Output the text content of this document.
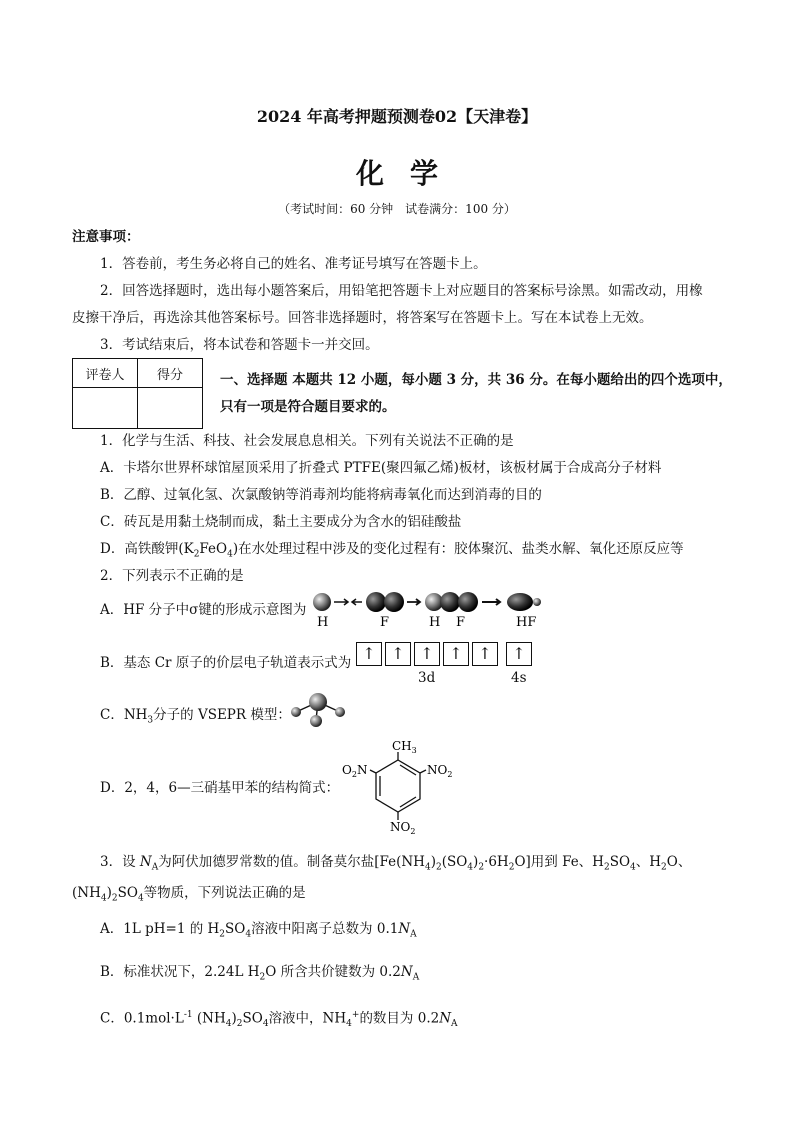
2024 年高考押题预测卷02【天津卷】
化学
（考试时间：60 分钟　试卷满分：100 分）
注意事项：
1．答卷前，考生务必将自己的姓名、准考证号填写在答题卡上。
2．回答选择题时，选出每小题答案后，用铅笔把答题卡上对应题目的答案标号涂黑。如需改动，用橡
皮擦干净后，再选涂其他答案标号。回答非选择题时，将答案写在答题卡上。写在本试卷上无效。
3．考试结束后，将本试卷和答题卡一并交回。
评卷人	得分
		一、选择题 本题共 12 小题，每小题 3 分，共 36 分。在每小题给出的四个选项中，
只有一项是符合题目要求的。
1．化学与生活、科技、社会发展息息相关。下列有关说法不正确的是
A．卡塔尔世界杯球馆屋顶采用了折叠式 PTFE(聚四氟乙烯)板材，该板材属于合成高分子材料
B．乙醇、过氧化氢、次氯酸钠等消毒剂均能将病毒氧化而达到消毒的目的
C．砖瓦是用黏土烧制而成，黏土主要成分为含水的铝硅酸盐
D．高铁酸钾$(K_2FeO_4)$在水处理过程中涉及的变化过程有：胶体聚沉、盐类水解、氧化还原反应等
2．下列表示不正确的是
A．HF 分子中σ键的形成示意图为
H	F	H F	HF
B．基态 Cr 原子的价层电子轨道表示式为 ↑ ↑ ↑ ↑ ↑	↑
3d	4s
C．$NH_3$分子的 VSEPR 模型：
D．2，4，6—三硝基甲苯的结构简式：
$CH_3$
$NO_2$
$O_2N$
$NO_2$
3．设 $N_A$为阿伏加德罗常数的值。制备莫尔盐$[Fe(NH_4)_2(SO_4)_2\cdot 6H_2O]$用到 Fe、$H_2SO_4$、$H_2O$、
$(NH_4)_2SO_4$等物质，下列说法正确的是
A．1L pH=1 的 $H_2SO_4$溶液中阳离子总数为 $0.1N_A$
B．标准状况下，2.24L $H_2O$ 所含共价键数为 $0.2N_A$
C．$0.1mol\cdot L^{-1}$ $(NH_4)_2SO_4$溶液中，$NH_4^+$的数目为 $0.2N_A$
